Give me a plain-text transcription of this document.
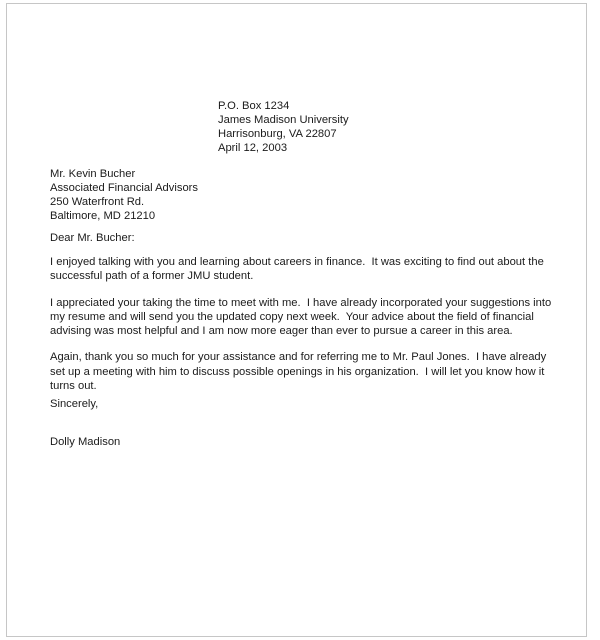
P.O. Box 1234
James Madison University
Harrisonburg, VA 22807
April 12, 2003
Mr. Kevin Bucher
Associated Financial Advisors
250 Waterfront Rd.
Baltimore, MD 21210
Dear Mr. Bucher:

I enjoyed talking with you and learning about careers in finance.  It was exciting to find out about the successful path of a former JMU student.

I appreciated your taking the time to meet with me.  I have already incorporated your suggestions into my resume and will send you the updated copy next week.  Your advice about the field of financial advising was most helpful and I am now more eager than ever to pursue a career in this area.

Again, thank you so much for your assistance and for referring me to Mr. Paul Jones.  I have already set up a meeting with him to discuss possible openings in his organization.  I will let you know how it turns out.

Sincerely,
Dolly Madison
